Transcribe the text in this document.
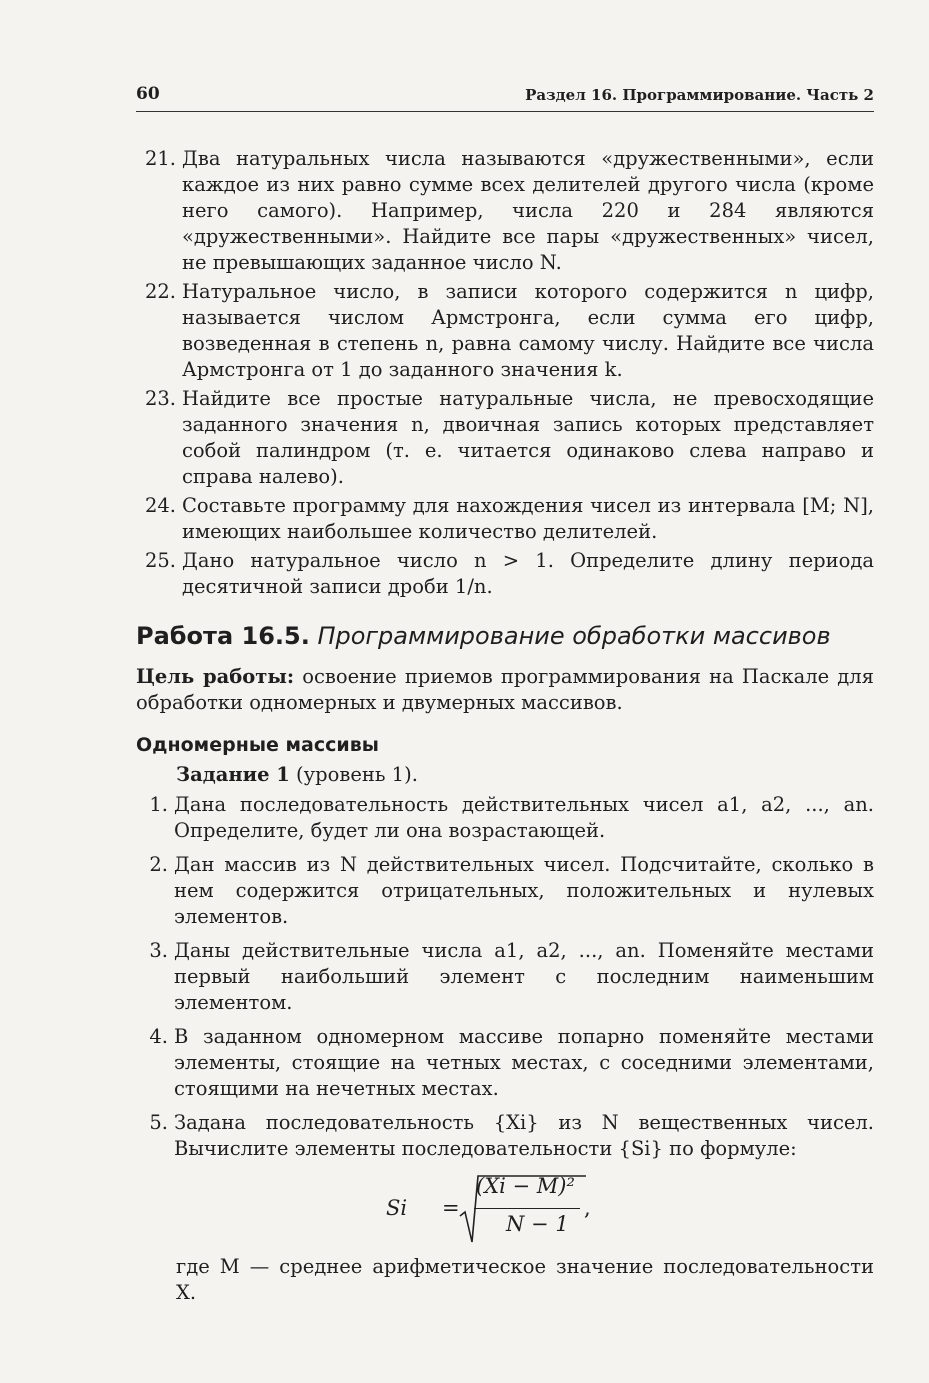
60	Раздел 16. Программирование. Часть 2
21. Два натуральных числа называются «дружественными», если каждое из них равно сумме всех делителей другого числа (кроме него самого). Например, числа 220 и 284 являются «дружественными». Найдите все пары «дружественных» чисел, не превышающих заданное число N.
22. Натуральное число, в записи которого содержится n цифр, называется числом Армстронга, если сумма его цифр, возведенная в степень n, равна самому числу. Найдите все числа Армстронга от 1 до заданного значения k.
23. Найдите все простые натуральные числа, не превосходящие заданного значения n, двоичная запись которых представляет собой палиндром (т. е. читается одинаково слева направо и справа налево).
24. Составьте программу для нахождения чисел из интервала [M; N], имеющих наибольшее количество делителей.
25. Дано натуральное число n > 1. Определите длину периода десятичной записи дроби 1/n.
Работа 16.5. Программирование обработки массивов
Цель работы: освоение приемов программирования на Паскале для обработки одномерных и двумерных массивов.
Одномерные массивы
Задание 1 (уровень 1).
1. Дана последовательность действительных чисел a1, a2, ..., an. Определите, будет ли она возрастающей.
2. Дан массив из N действительных чисел. Подсчитайте, сколько в нем содержится отрицательных, положительных и нулевых элементов.
3. Даны действительные числа a1, a2, ..., an. Поменяйте местами первый наибольший элемент с последним наименьшим элементом.
4. В заданном одномерном массиве попарно поменяйте местами элементы, стоящие на четных местах, с соседними элементами, стоящими на нечетных местах.
5. Задана последовательность {Xi} из N вещественных чисел. Вычислите элементы последовательности {Si} по формуле:
Si =
(Xi − M)²
N − 1
,
где M — среднее арифметическое значение последовательности X.
